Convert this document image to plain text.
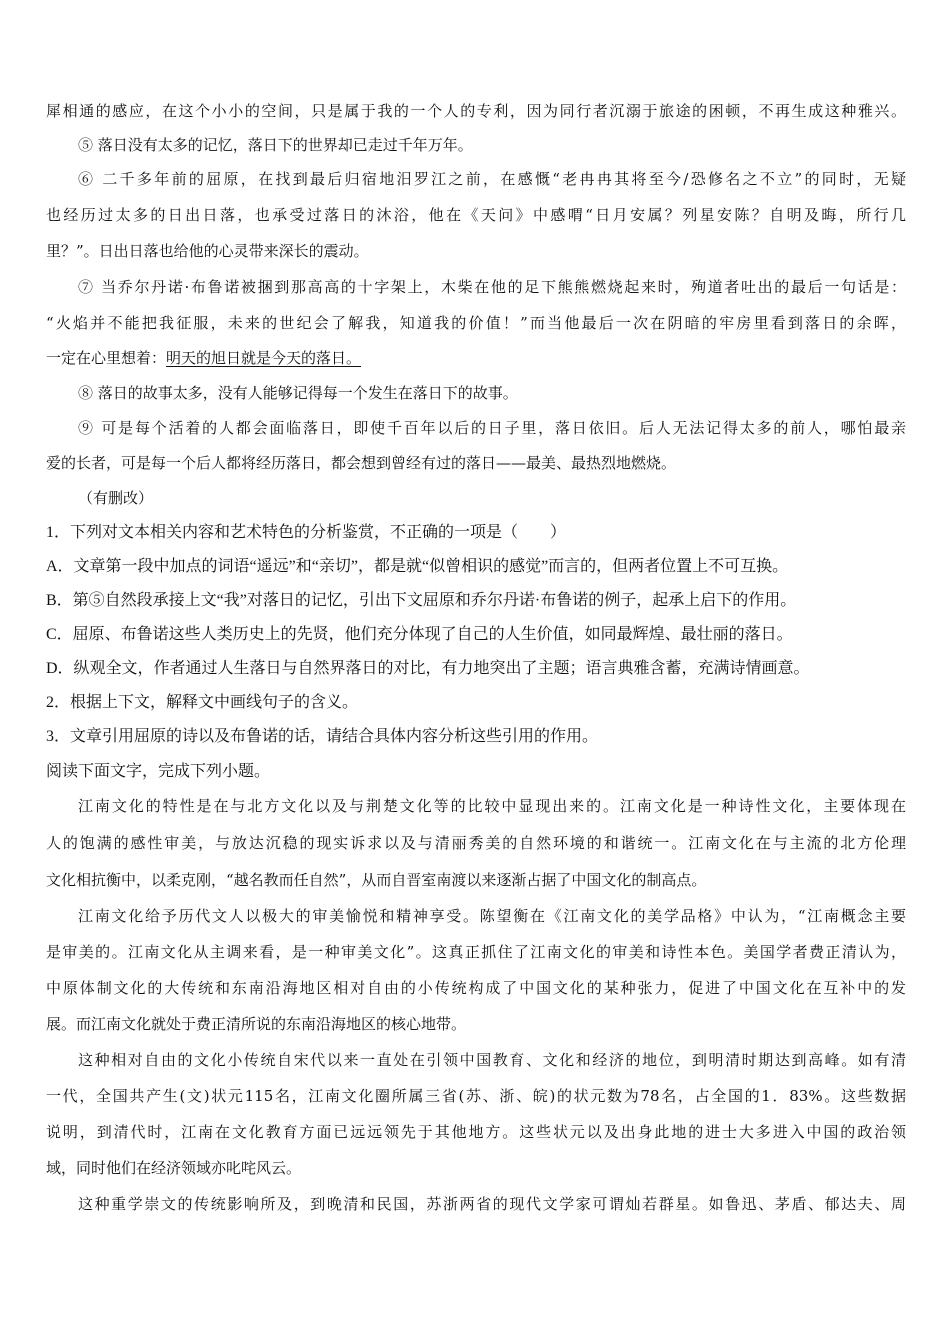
犀相通的感应，在这个小小的空间，只是属于我的一个人的专利，因为同行者沉溺于旅途的困顿，不再生成这种雅兴。
⑤ 落日没有太多的记忆，落日下的世界却已走过千年万年。
⑥ 二千多年前的屈原，在找到最后归宿地汨罗江之前，在感慨“老冉冉其将至今/恐修名之不立”的同时，无疑
也经历过太多的日出日落，也承受过落日的沐浴，他在《天问》中感喟“日月安属？列星安陈？自明及晦，所行几
里？”。日出日落也给他的心灵带来深长的震动。
⑦ 当乔尔丹诺·布鲁诺被捆到那高高的十字架上，木柴在他的足下熊熊燃烧起来时，殉道者吐出的最后一句话是：
“火焰并不能把我征服，未来的世纪会了解我，知道我的价值！”而当他最后一次在阴暗的牢房里看到落日的余晖，
一定在心里想着：明天的旭日就是今天的落日。
⑧ 落日的故事太多，没有人能够记得每一个发生在落日下的故事。
⑨ 可是每个活着的人都会面临落日，即使千百年以后的日子里，落日依旧。后人无法记得太多的前人，哪怕最亲
爱的长者，可是每一个后人都将经历落日，都会想到曾经有过的落日——最美、最热烈地燃烧。
（有删改）
1．下列对文本相关内容和艺术特色的分析鉴赏，不正确的一项是（　　）
A．文章第一段中加点的词语“遥远”和“亲切”，都是就“似曾相识的感觉”而言的，但两者位置上不可互换。
B．第⑤自然段承接上文“我”对落日的记忆，引出下文屈原和乔尔丹诺·布鲁诺的例子，起承上启下的作用。
C．屈原、布鲁诺这些人类历史上的先贤，他们充分体现了自己的人生价值，如同最辉煌、最壮丽的落日。
D．纵观全文，作者通过人生落日与自然界落日的对比，有力地突出了主题；语言典雅含蓄，充满诗情画意。
2．根据上下文，解释文中画线句子的含义。
3．文章引用屈原的诗以及布鲁诺的话，请结合具体内容分析这些引用的作用。
阅读下面文字，完成下列小题。
江南文化的特性是在与北方文化以及与荆楚文化等的比较中显现出来的。江南文化是一种诗性文化，主要体现在
人的饱满的感性审美，与放达沉稳的现实诉求以及与清丽秀美的自然环境的和谐统一。江南文化在与主流的北方伦理
文化相抗衡中，以柔克刚，“越名教而任自然”，从而自晋室南渡以来逐渐占据了中国文化的制高点。
江南文化给予历代文人以极大的审美愉悦和精神享受。陈望衡在《江南文化的美学品格》中认为，“江南概念主要
是审美的。江南文化从主调来看，是一种审美文化”。这真正抓住了江南文化的审美和诗性本色。美国学者费正清认为，
中原体制文化的大传统和东南沿海地区相对自由的小传统构成了中国文化的某种张力，促进了中国文化在互补中的发
展。而江南文化就处于费正清所说的东南沿海地区的核心地带。
这种相对自由的文化小传统自宋代以来一直处在引领中国教育、文化和经济的地位，到明清时期达到高峰。如有清
一代，全国共产生(文)状元115名，江南文化圈所属三省(苏、浙、皖)的状元数为78名，占全国的1．83%。这些数据
说明，到清代时，江南在文化教育方面已远远领先于其他地方。这些状元以及出身此地的进士大多进入中国的政治领
域，同时他们在经济领域亦叱咤风云。
这种重学崇文的传统影响所及，到晚清和民国，苏浙两省的现代文学家可谓灿若群星。如鲁迅、茅盾、郁达夫、周
